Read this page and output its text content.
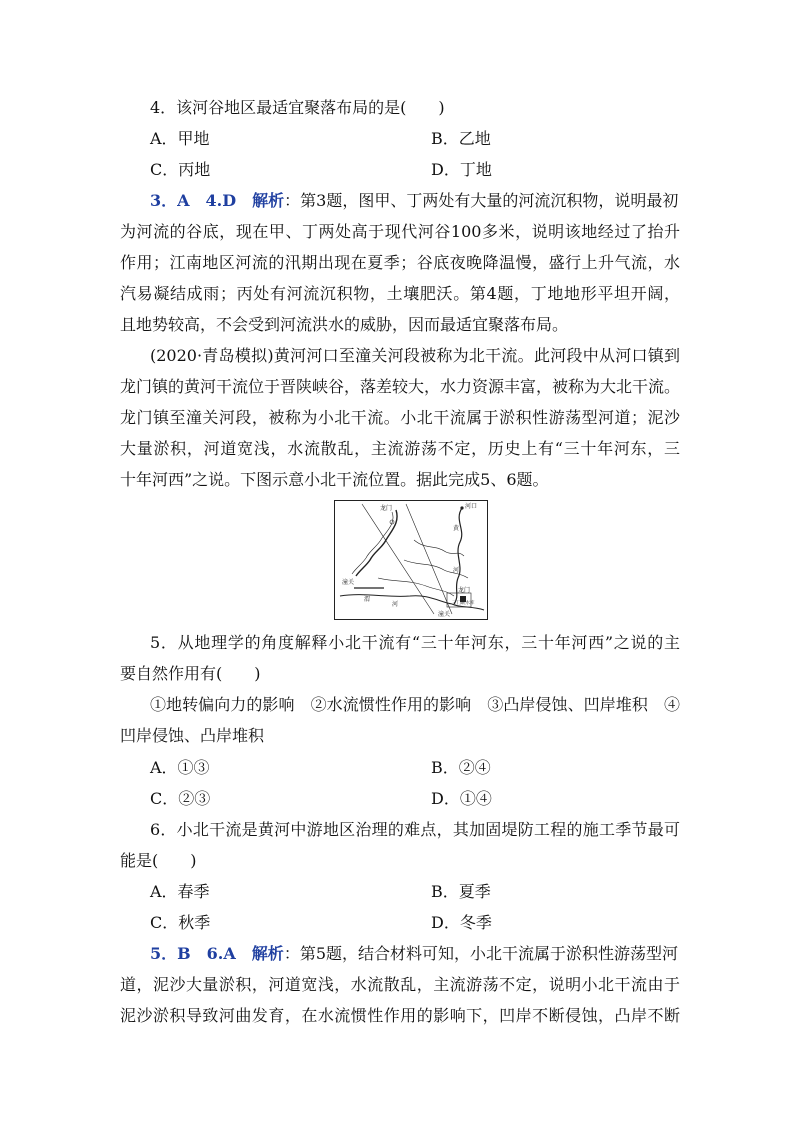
4．该河谷地区最适宜聚落布局的是(　　)
A．甲地	B．乙地
C．丙地	D．丁地
3．A　4.D　 解析：第3题，图甲、丁两处有大量的河流沉积物，说明最初
为河流的谷底，现在甲、丁两处高于现代河谷100多米，说明该地经过了抬升
作用；江南地区河流的汛期出现在夏季；谷底夜晚降温慢，盛行上升气流，水
汽易凝结成雨；丙处有河流沉积物，土壤肥沃。第4题，丁地地形平坦开阔，
且地势较高，不会受到河流洪水的威胁，因而最适宜聚落布局。
(2020·青岛模拟)黄河河口至潼关河段被称为北干流。此河段中从河口镇到
龙门镇的黄河干流位于晋陕峡谷，落差较大，水力资源丰富，被称为大北干流。
龙门镇至潼关河段，被称为小北干流。小北干流属于淤积性游荡型河道；泥沙
大量淤积，河道宽浅，水流散乱，主流游荡不定，历史上有“三十年河东，三
十年河西”之说。下图示意小北干流位置。据此完成5、6题。
龙门	河口
黄
河
渭
河
潼关
潼关
龙门
三门峡水库
5．从地理学的角度解释小北干流有“三十年河东，三十年河西”之说的主
要自然作用有(　　)
①地转偏向力的影响　②水流惯性作用的影响　③凸岸侵蚀、凹岸堆积　④
凹岸侵蚀、凸岸堆积
A．①③	B．②④
C．②③	D．①④
6．小北干流是黄河中游地区治理的难点，其加固堤防工程的施工季节最可
能是(　　)
A．春季	B．夏季
C．秋季	D．冬季
5．B　6.A　 解析：第5题，结合材料可知，小北干流属于淤积性游荡型河
道，泥沙大量淤积，河道宽浅，水流散乱，主流游荡不定，说明小北干流由于
泥沙淤积导致河曲发育，在水流惯性作用的影响下，凹岸不断侵蚀，凸岸不断
